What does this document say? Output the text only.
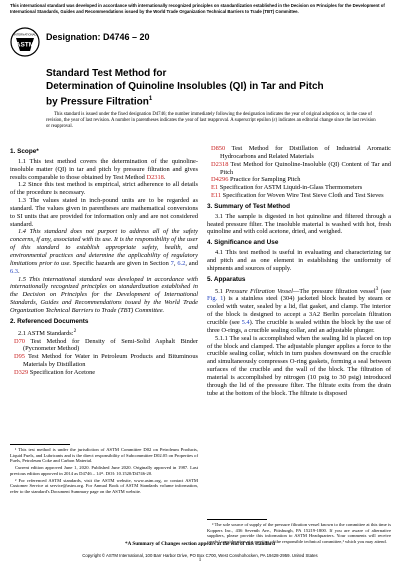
This international standard was developed in accordance with internationally recognized principles on standardization established in the Decision on Principles for the Development of International Standards, Guides and Recommendations issued by the World Trade Organization Technical Barriers to Trade (TBT) Committee.
ASTM
INTERNATIONAL Designation: D4746 – 20
Standard Test Method for
Determination of Quinoline Insolubles (QI) in Tar and Pitch
by Pressure Filtration$^1$
This standard is issued under the fixed designation D4746; the number immediately following the designation indicates the year of original adoption or, in the case of revision, the year of last revision. A number in parentheses indicates the year of last reapproval. A superscript epsilon (ε) indicates an editorial change since the last revision or reapproval.

1. Scope*

1.1 This test method covers the determination of the quinoline-insoluble matter (QI) in tar and pitch by pressure filtration and gives results comparable to those obtained by Test Method D2318.

1.2 Since this test method is empirical, strict adherence to all details of the procedure is necessary.

1.3 The values stated in inch-pound units are to be regarded as standard. The values given in parentheses are mathematical conversions to SI units that are provided for information only and are not considered standard.

1.4 This standard does not purport to address all of the safety concerns, if any, associated with its use. It is the responsibility of the user of this standard to establish appropriate safety, health, and environmental practices and determine the applicability of regulatory limitations prior to use. Specific hazards are given in Section 7, 6.2, and 6.3.

1.5 This international standard was developed in accordance with internationally recognized principles on standardization established in the Decision on Principles for the Development of International Standards, Guides and Recommendations issued by the World Trade Organization Technical Barriers to Trade (TBT) Committee.

2. Referenced Documents

2.1 ASTM Standards:$^2$

D70 Test Method for Density of Semi-Solid Asphalt Binder (Pycnometer Method)
D95 Test Method for Water in Petroleum Products and Bituminous Materials by Distillation
D329 Specification for Acetone
D850 Test Method for Distillation of Industrial Aromatic Hydrocarbons and Related Materials
D2318 Test Method for Quinoline-Insoluble (QI) Content of Tar and Pitch
D4296 Practice for Sampling Pitch
E1 Specification for ASTM Liquid-in-Glass Thermometers
E11 Specification for Woven Wire Test Sieve Cloth and Test Sieves

3. Summary of Test Method

3.1 The sample is digested in hot quinoline and filtered through a heated pressure filter. The insoluble material is washed with hot, fresh quinoline and with cold acetone, dried, and weighed.

4. Significance and Use

4.1 This test method is useful in evaluating and characterizing tar and pitch and as one element in establishing the uniformity of shipments and sources of supply.

5. Apparatus

5.1 Pressure Filtration Vessel—The pressure filtration vessel$^3$ (see Fig. 1) is a stainless steel (304) jacketed block heated by steam or cooled with water, sealed by a lid, flat gasket, and clamp. The interior of the block is designed to accept a 3A2 Berlin porcelain filtration crucible (see 5.4). The crucible is sealed within the block by the use of three O-rings, a crucible sealing collar, and an adjustable plunger.

5.1.1 The seal is accomplished when the sealing lid is placed on top of the block and clamped. The adjustable plunger applies a force to the crucible sealing collar, which in turn pushes downward on the crucible and simultaneously compresses O-ring gaskets, forming a seal between surfaces of the crucible and the wall of the block. The filtration of material is accomplished by nitrogen (10 psig to 30 psig) introduced through the lid of the pressure filter. The filtrate exits from the drain tube at the bottom of the block. The filtrate is disposed

¹ This test method is under the jurisdiction of ASTM Committee D02 on Petroleum Products, Liquid Fuels, and Lubricants and is the direct responsibility of Subcommittee D02.05 on Properties of Fuels, Petroleum Coke and Carbon Material.

Current edition approved June 1, 2020. Published June 2020. Originally approved in 1987. Last previous edition approved in 2014 as D4746 – 14ᵉ¹. DOI: 10.1520/D4746-20.

² For referenced ASTM standards, visit the ASTM website, www.astm.org, or contact ASTM Customer Service at service@astm.org. For Annual Book of ASTM Standards volume information, refer to the standard's Document Summary page on the ASTM website.

³ The sole source of supply of the pressure filtration vessel known to the committee at this time is Koppers Inc., 436 Seventh Ave., Pittsburgh, PA 15219-1800. If you are aware of alternative suppliers, please provide this information to ASTM Headquarters. Your comments will receive careful consideration at a meeting of the responsible technical committee,¹ which you may attend.

*A Summary of Changes section appears at the end of this standard
Copyright © ASTM International, 100 Barr Harbor Drive, PO Box C700, West Conshohocken, PA 19428-2959. United States
1
